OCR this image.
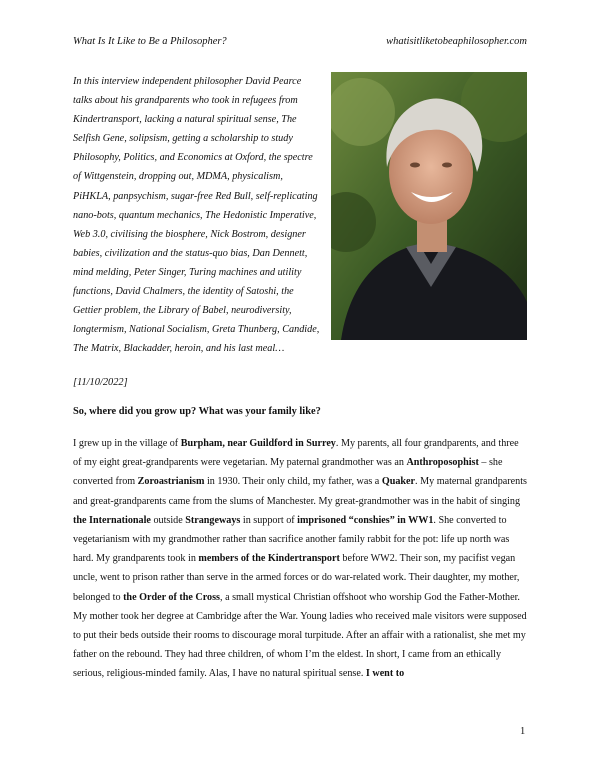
What Is It Like to Be a Philosopher?	whatisitliketobeaphilosopher.com
In this interview independent philosopher David Pearce talks about his grandparents who took in refugees from Kindertransport, lacking a natural spiritual sense, The Selfish Gene, solipsism, getting a scholarship to study Philosophy, Politics, and Economics at Oxford, the spectre of Wittgenstein, dropping out, MDMA, physicalism, PiHKLA, panpsychism, sugar-free Red Bull, self-replicating nano-bots, quantum mechanics, The Hedonistic Imperative, Web 3.0, civilising the biosphere, Nick Bostrom, designer babies, civilization and the status-quo bias, Dan Dennett, mind melding, Peter Singer, Turing machines and utility functions, David Chalmers, the identity of Satoshi, the Gettier problem, the Library of Babel, neurodiversity, longtermism, National Socialism, Greta Thunberg, Candide, The Matrix, Blackadder, heroin, and his last meal…
[11/10/2022]
So, where did you grow up? What was your family like?
I grew up in the village of Burpham, near Guildford in Surrey. My parents, all four grandparents, and three of my eight great-grandparents were vegetarian. My paternal grandmother was an Anthroposophist – she converted from Zoroastrianism in 1930. Their only child, my father, was a Quaker. My maternal grandparents and great-grandparents came from the slums of Manchester. My great-grandmother was in the habit of singing the Internationale outside Strangeways in support of imprisoned “conshies” in WW1. She converted to vegetarianism with my grandmother rather than sacrifice another family rabbit for the pot: life up north was hard. My grandparents took in members of the Kindertransport before WW2. Their son, my pacifist vegan uncle, went to prison rather than serve in the armed forces or do war-related work. Their daughter, my mother, belonged to the Order of the Cross, a small mystical Christian offshoot who worship God the Father-Mother. My mother took her degree at Cambridge after the War. Young ladies who received male visitors were supposed to put their beds outside their rooms to discourage moral turpitude. After an affair with a rationalist, she met my father on the rebound. They had three children, of whom I’m the eldest. In short, I came from an ethically serious, religious-minded family. Alas, I have no natural spiritual sense. I went to
1
